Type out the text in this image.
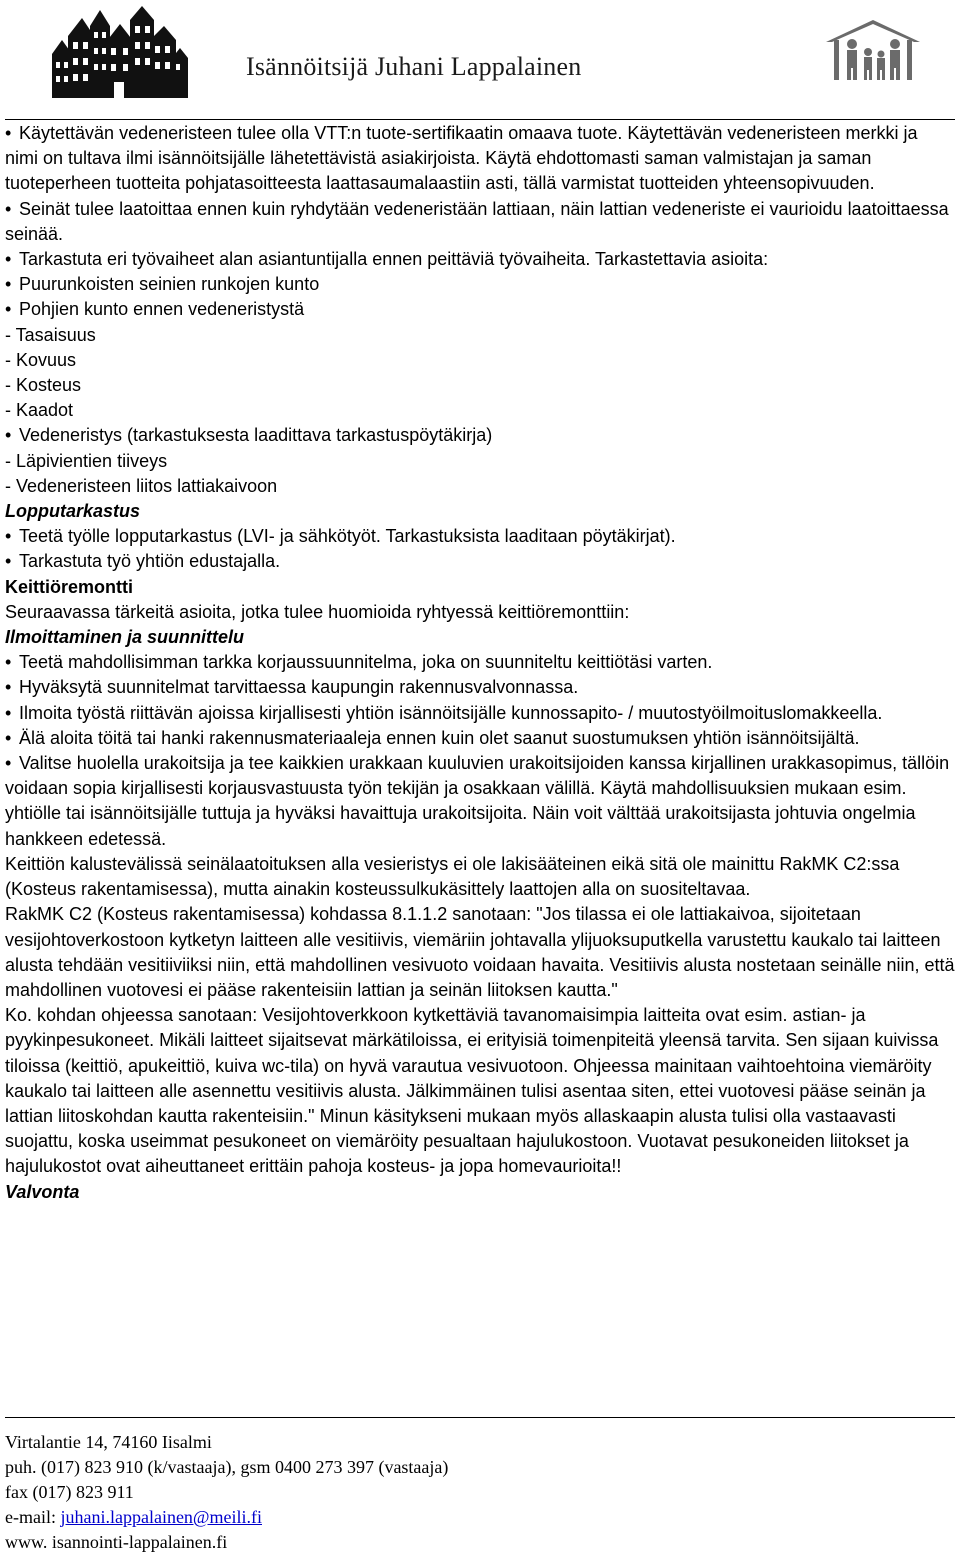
Isännöitsijä Juhani Lappalainen

• Käytettävän vedeneristeen tulee olla VTT:n tuote-sertifikaatin omaava tuote. Käytettävän vedeneristeen merkki ja nimi on tultava ilmi isännöitsijälle lähetettävistä asiakirjoista. Käytä ehdottomasti saman valmistajan ja saman tuoteperheen tuotteita pohjatasoitteesta laattasaumalaastiin asti, tällä varmistat tuotteiden yhteensopivuuden.

• Seinät tulee laatoittaa ennen kuin ryhdytään vedeneristään lattiaan, näin lattian vedeneriste ei vaurioidu laatoittaessa seinää.

• Tarkastuta eri työvaiheet alan asiantuntijalla ennen peittäviä työvaiheita. Tarkastettavia asioita:

• Puurunkoisten seinien runkojen kunto

• Pohjien kunto ennen vedeneristystä

- Tasaisuus

- Kovuus

- Kosteus

- Kaadot

• Vedeneristys (tarkastuksesta laadittava tarkastuspöytäkirja)

- Läpivientien tiiveys

- Vedeneristeen liitos lattiakaivoon

Lopputarkastus

• Teetä työlle lopputarkastus (LVI- ja sähkötyöt. Tarkastuksista laaditaan pöytäkirjat).

• Tarkastuta työ yhtiön edustajalla.

Keittiöremontti

Seuraavassa tärkeitä asioita, jotka tulee huomioida ryhtyessä keittiöremonttiin:

Ilmoittaminen ja suunnittelu

• Teetä mahdollisimman tarkka korjaussuunnitelma, joka on suunniteltu keittiötäsi varten.

• Hyväksytä suunnitelmat tarvittaessa kaupungin rakennusvalvonnassa.

• Ilmoita työstä riittävän ajoissa kirjallisesti yhtiön isännöitsijälle kunnossapito- / muutostyöilmoituslomakkeella.

• Älä aloita töitä tai hanki rakennusmateriaaleja ennen kuin olet saanut suostumuksen yhtiön isännöitsijältä.

• Valitse huolella urakoitsija ja tee kaikkien urakkaan kuuluvien urakoitsijoiden kanssa kirjallinen urakkasopimus, tällöin voidaan sopia kirjallisesti korjausvastuusta työn tekijän ja osakkaan välillä. Käytä mahdollisuuksien mukaan esim. yhtiölle tai isännöitsijälle tuttuja ja hyväksi havaittuja urakoitsijoita. Näin voit välttää urakoitsijasta johtuvia ongelmia hankkeen edetessä.

Keittiön kalustevälissä seinälaatoituksen alla vesieristys ei ole lakisääteinen eikä sitä ole mainittu RakMK C2:ssa (Kosteus rakentamisessa), mutta ainakin kosteussulkukäsittely laattojen alla on suositeltavaa.

RakMK C2 (Kosteus rakentamisessa) kohdassa 8.1.1.2 sanotaan: "Jos tilassa ei ole lattiakaivoa, sijoitetaan vesijohtoverkostoon kytketyn laitteen alle vesitiivis, viemäriin johtavalla ylijuoksuputkella varustettu kaukalo tai laitteen alusta tehdään vesitiiviiksi niin, että mahdollinen vesivuoto voidaan havaita. Vesitiivis alusta nostetaan seinälle niin, että mahdollinen vuotovesi ei pääse rakenteisiin lattian ja seinän liitoksen kautta."

Ko. kohdan ohjeessa sanotaan: Vesijohtoverkkoon kytkettäviä tavanomaisimpia laitteita ovat esim. astian- ja pyykinpesukoneet. Mikäli laitteet sijaitsevat märkätiloissa, ei erityisiä toimenpiteitä yleensä tarvita. Sen sijaan kuivissa tiloissa (keittiö, apukeittiö, kuiva wc-tila) on hyvä varautua vesivuotoon. Ohjeessa mainitaan vaihtoehtoina viemäröity kaukalo tai laitteen alle asennettu vesitiivis alusta. Jälkimmäinen tulisi asentaa siten, ettei vuotovesi pääse seinän ja lattian liitoskohdan kautta rakenteisiin." Minun käsitykseni mukaan myös allaskaapin alusta tulisi olla vastaavasti suojattu, koska useimmat pesukoneet on viemäröity pesualtaan hajulukostoon. Vuotavat pesukoneiden liitokset ja hajulukostot ovat aiheuttaneet erittäin pahoja kosteus- ja jopa homevaurioita!!

Valvonta

Virtalantie 14, 74160 Iisalmi

puh. (017) 823 910 (k/vastaaja), gsm 0400 273 397 (vastaaja)

fax (017) 823 911

e-mail: juhani.lappalainen@meili.fi

www. isannointi-lappalainen.fi
